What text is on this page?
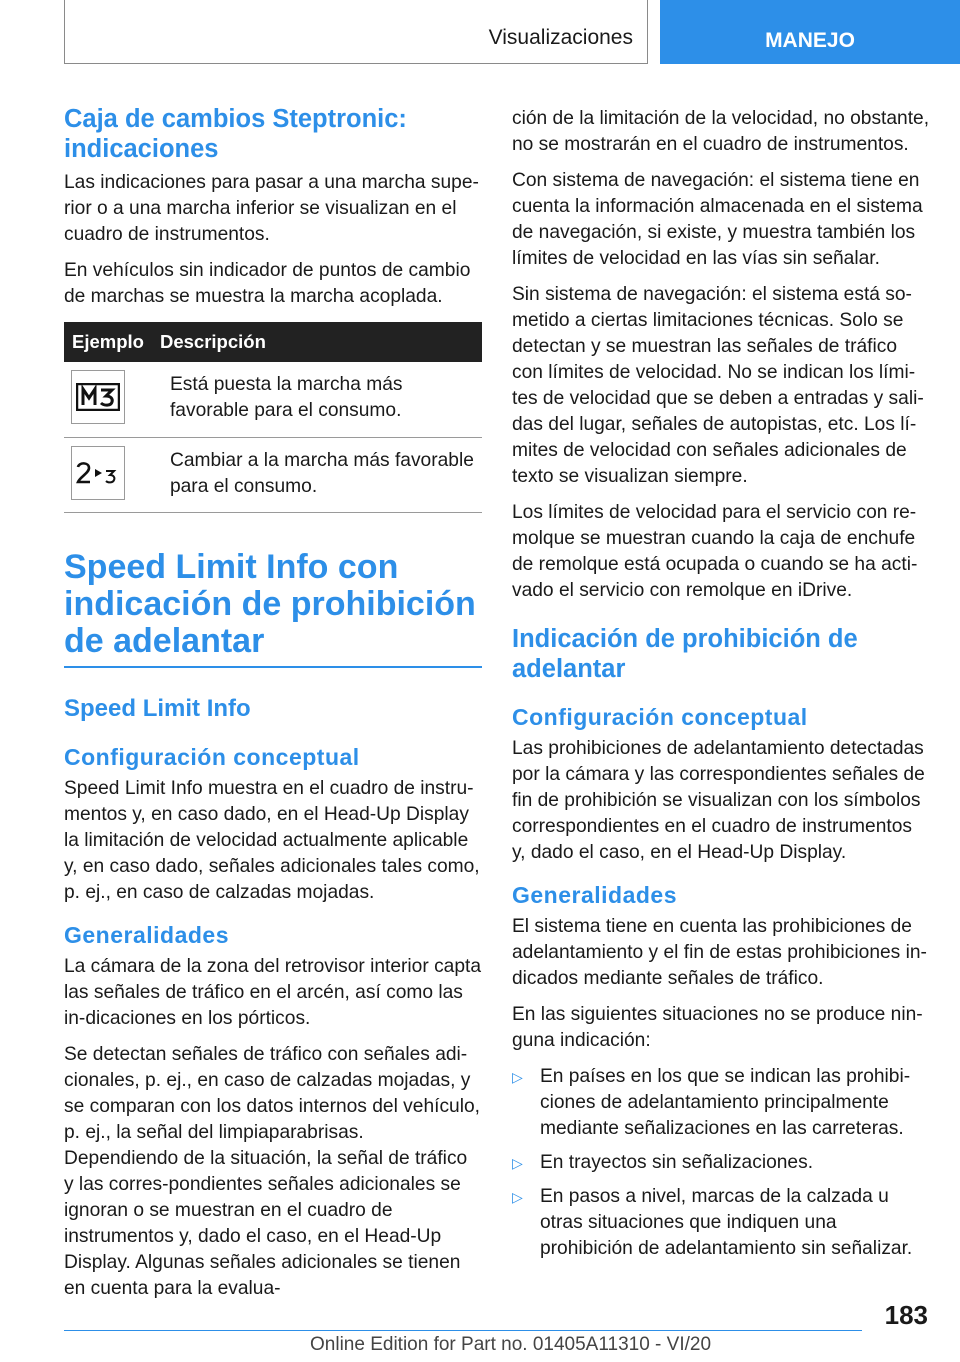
Visualizaciones	MANEJO
Caja de cambios Steptronic: indicaciones

Las indicaciones para pasar a una marcha supe‐rior o a una marcha inferior se visualizan en el cuadro de instrumentos.

En vehículos sin indicador de puntos de cambio de marchas se muestra la marcha acoplada.

Ejemplo	Descripción

	Está puesta la marcha más favorable para el consumo.

	Cambiar a la marcha más favorable para el consumo.
Speed Limit Info con indicación de prohibición de adelantar
Speed Limit Info
Configuración conceptual

Speed Limit Info muestra en el cuadro de instru‐mentos y, en caso dado, en el Head-Up Display la limitación de velocidad actualmente aplicable y, en caso dado, señales adicionales tales como, p. ej., en caso de calzadas mojadas.

Generalidades

La cámara de la zona del retrovisor interior capta las señales de tráfico en el arcén, así como las in‐dicaciones en los pórticos.

Se detectan señales de tráfico con señales adi‐cionales, p. ej., en caso de calzadas mojadas, y se comparan con los datos internos del vehículo, p. ej., la señal del limpiaparabrisas. Dependiendo de la situación, la señal de tráfico y las corres‐pondientes señales adicionales se ignoran o se muestran en el cuadro de instrumentos y, dado el caso, en el Head-Up Display. Algunas señales adicionales se tienen en cuenta para la evalua‐

ción de la limitación de la velocidad, no obstante, no se mostrarán en el cuadro de instrumentos.

Con sistema de navegación: el sistema tiene en cuenta la información almacenada en el sistema de navegación, si existe, y muestra también los límites de velocidad en las vías sin señalar.

Sin sistema de navegación: el sistema está so‐metido a ciertas limitaciones técnicas. Solo se detectan y se muestran las señales de tráfico con límites de velocidad. No se indican los lími‐tes de velocidad que se deben a entradas y sali‐das del lugar, señales de autopistas, etc. Los lí‐mites de velocidad con señales adicionales de texto se visualizan siempre.

Los límites de velocidad para el servicio con re‐molque se muestran cuando la caja de enchufe de remolque está ocupada o cuando se ha acti‐vado el servicio con remolque en iDrive.

Indicación de prohibición de adelantar
Configuración conceptual

Las prohibiciones de adelantamiento detectadas por la cámara y las correspondientes señales de fin de prohibición se visualizan con los símbolos correspondientes en el cuadro de instrumentos y, dado el caso, en el Head-Up Display.

Generalidades

El sistema tiene en cuenta las prohibiciones de adelantamiento y el fin de estas prohibiciones in‐dicados mediante señales de tráfico.

En las siguientes situaciones no se produce nin‐guna indicación:

▷ En países en los que se indican las prohibi‐ciones de adelantamiento principalmente mediante señalizaciones en las carreteras.
▷ En trayectos sin señalizaciones.
▷ En pasos a nivel, marcas de la calzada u otras situaciones que indiquen una prohibición de adelantamiento sin señalizar.
183
Online Edition for Part no. 01405A11310 - VI/20
